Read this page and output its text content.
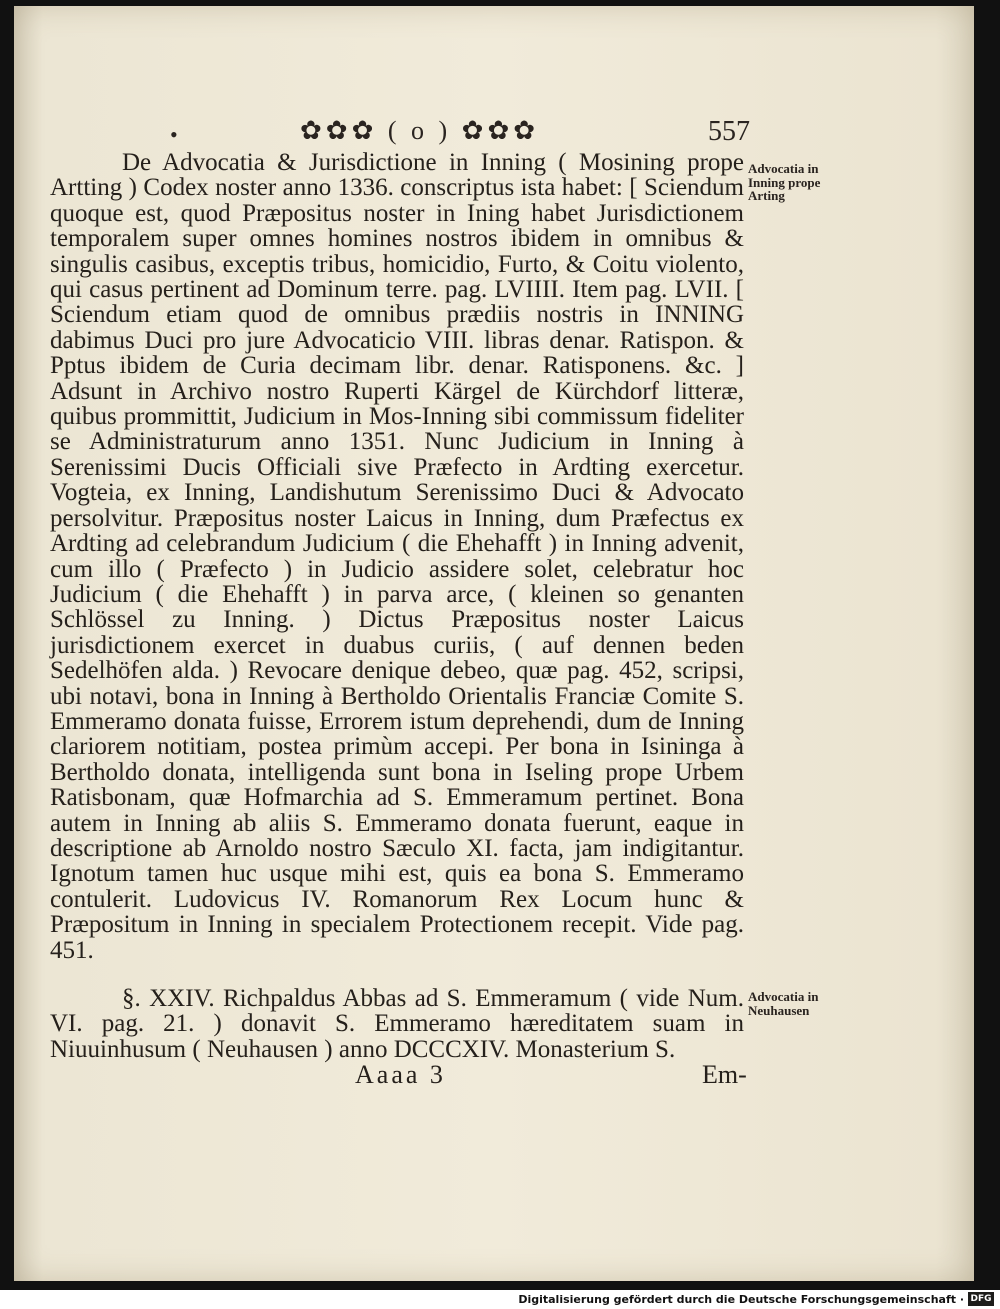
•	✿✿✿ ( o ) ✿✿✿	557

De Advocatia & Jurisdictione in Inning ( Mosining prope Artting ) Codex noster anno 1336. conscriptus ista habet: [ Sciendum quoque est, quod Præpositus noster in Ining habet Jurisdictionem temporalem super omnes homines nostros ibidem in omnibus & singulis casibus, exceptis tribus, homicidio, Furto, & Coitu violento, qui casus pertinent ad Dominum terre. pag. LVIIII. Item pag. LVII. [ Sciendum etiam quod de omnibus prædiis nostris in INNING dabimus Duci pro jure Advocaticio VIII. libras denar. Ratispon. & Pptus ibidem de Curia decimam libr. denar. Ratisponens. &c. ] Adsunt in Archivo nostro Ruperti Kärgel de Kürchdorf litteræ, quibus prommittit, Judicium in Mos-Inning sibi commissum fideliter se Administraturum anno 1351. Nunc Judicium in Inning à Serenissimi Ducis Officiali sive Præfecto in Ardting exercetur. Vogteia, ex Inning, Landishutum Serenissimo Duci & Advocato persolvitur. Præpositus noster Laicus in Inning, dum Præfectus ex Ardting ad celebrandum Judicium ( die Ehehafft ) in Inning advenit, cum illo ( Præfecto ) in Judicio assidere solet, celebratur hoc Judicium ( die Ehehafft ) in parva arce, ( kleinen so genanten Schlössel zu Inning. ) Dictus Præpositus noster Laicus jurisdictionem exercet in duabus curiis, ( auf dennen beden Sedelhöfen alda. ) Revocare denique debeo, quæ pag. 452, scripsi, ubi notavi, bona in Inning à Bertholdo Orientalis Franciæ Comite S. Emmeramo donata fuisse, Errorem istum deprehendi, dum de Inning clariorem notitiam, postea primùm accepi. Per bona in Isininga à Bertholdo donata, intelligenda sunt bona in Iseling prope Urbem Ratisbonam, quæ Hofmarchia ad S. Emmeramum pertinet. Bona autem in Inning ab aliis S. Emmeramo donata fuerunt, eaque in descriptione ab Arnoldo nostro Sæculo XI. facta, jam indigitantur. Ignotum tamen huc usque mihi est, quis ea bona S. Emmeramo contulerit. Ludovicus IV. Romanorum Rex Locum hunc & Præpositum in Inning in specialem Protectionem recepit. Vide pag. 451.

§. XXIV. Richpaldus Abbas ad S. Emmeramum ( vide Num. VI. pag. 21. ) donavit S. Emmeramo hæreditatem suam in Niuuinhusum ( Neuhausen ) anno DCCCXIV. Monasterium S.

Advocatia in Inning prope Arting
Advocatia in Neuhausen
Aaaa 3	Em-
Digitalisierung gefördert durch die Deutsche Forschungsgemeinschaft · DFG
